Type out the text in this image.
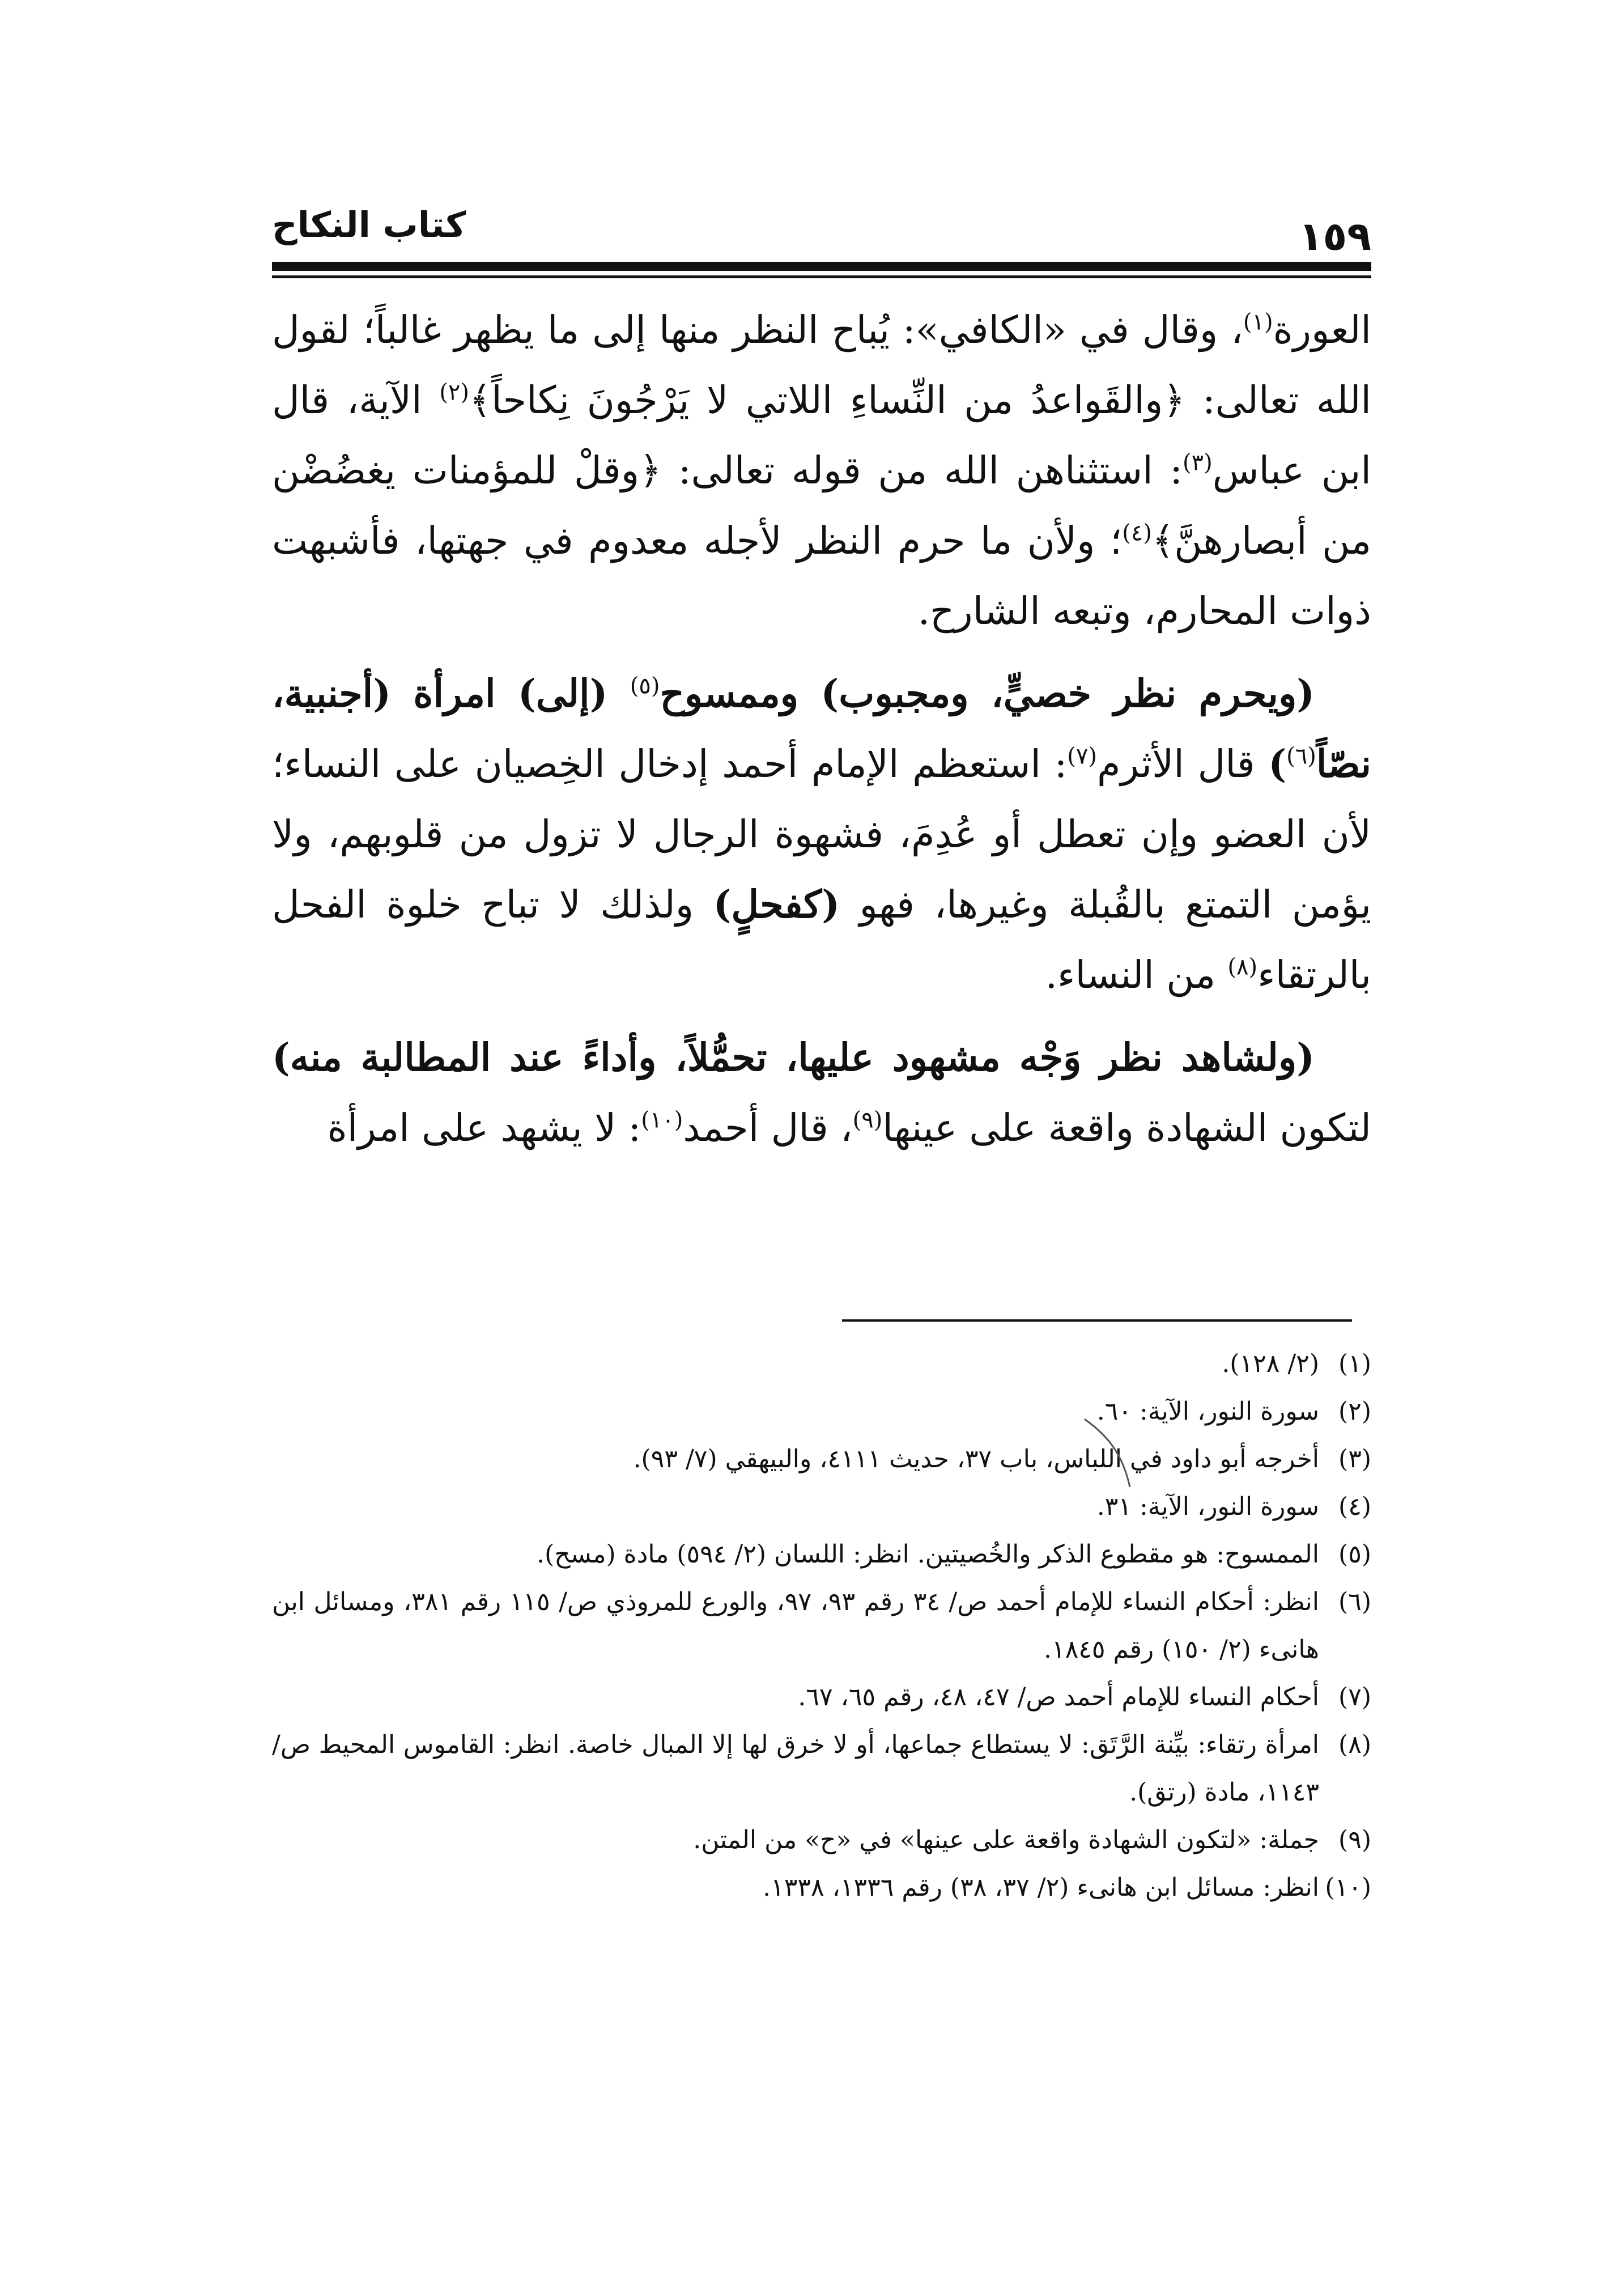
كتاب النكاح	١٥٩

العورة$^{(١)}$، وقال في «الكافي»: يُباح النظر منها إلى ما يظهر غالباً؛ لقول الله تعالى: ﴿والقَواعدُ من النِّساءِ اللاتي لا يَرْجُونَ نِكاحاً﴾$^{(٢)}$ الآية، قال ابن عباس$^{(٣)}$: استثناهن الله من قوله تعالى: ﴿وقلْ للمؤمنات يغضُضْن من أبصارهنَّ﴾$^{(٤)}$؛ ولأن ما حرم النظر لأجله معدوم في جهتها، فأشبهت ذوات المحارم، وتبعه الشارح.

(ويحرم نظر خصيٍّ، ومجبوب) وممسوح$^{(٥)}$ (إلى) امرأة (أجنبية، نصّاً$^{(٦)}$) قال الأثرم$^{(٧)}$: استعظم الإمام أحمد إدخال الخِصيان على النساء؛ لأن العضو وإن تعطل أو عُدِمَ، فشهوة الرجال لا تزول من قلوبهم، ولا يؤمن التمتع بالقُبلة وغيرها، فهو (كفحلٍ) ولذلك لا تباح خلوة الفحل بالرتقاء$^{(٨)}$ من النساء.

(ولشاهد نظر وَجْه مشهود عليها، تحمُّلاً، وأداءً عند المطالبة منه) لتكون الشهادة واقعة على عينها$^{(٩)}$، قال أحمد$^{(١٠)}$: لا يشهد على امرأة

(١)
(٢/ ١٢٨).
(٢)
سورة النور، الآية: ٦٠.
(٣)
أخرجه أبو داود في اللباس، باب ٣٧، حديث ٤١١١، والبيهقي (٧/ ٩٣).
(٤)
سورة النور، الآية: ٣١.
(٥)
الممسوح: هو مقطوع الذكر والخُصيتين. انظر: اللسان (٢/ ٥٩٤) مادة (مسح).
(٦)
انظر: أحكام النساء للإمام أحمد ص/ ٣٤ رقم ٩٣، ٩٧، والورع للمروذي ص/ ١١٥ رقم ٣٨١، ومسائل ابن هانىء (٢/ ١٥٠) رقم ١٨٤٥.
(٧)
أحكام النساء للإمام أحمد ص/ ٤٧، ٤٨، رقم ٦٥، ٦٧.
(٨)
امرأة رتقاء: بيِّنة الرَّتَق: لا يستطاع جماعها، أو لا خرق لها إلا المبال خاصة. انظر: القاموس المحيط ص/ ١١٤٣، مادة (رتق).
(٩)
جملة: «لتكون الشهادة واقعة على عينها» في «ح» من المتن.
(١٠)
انظر: مسائل ابن هانىء (٢/ ٣٧، ٣٨) رقم ١٣٣٦، ١٣٣٨.
